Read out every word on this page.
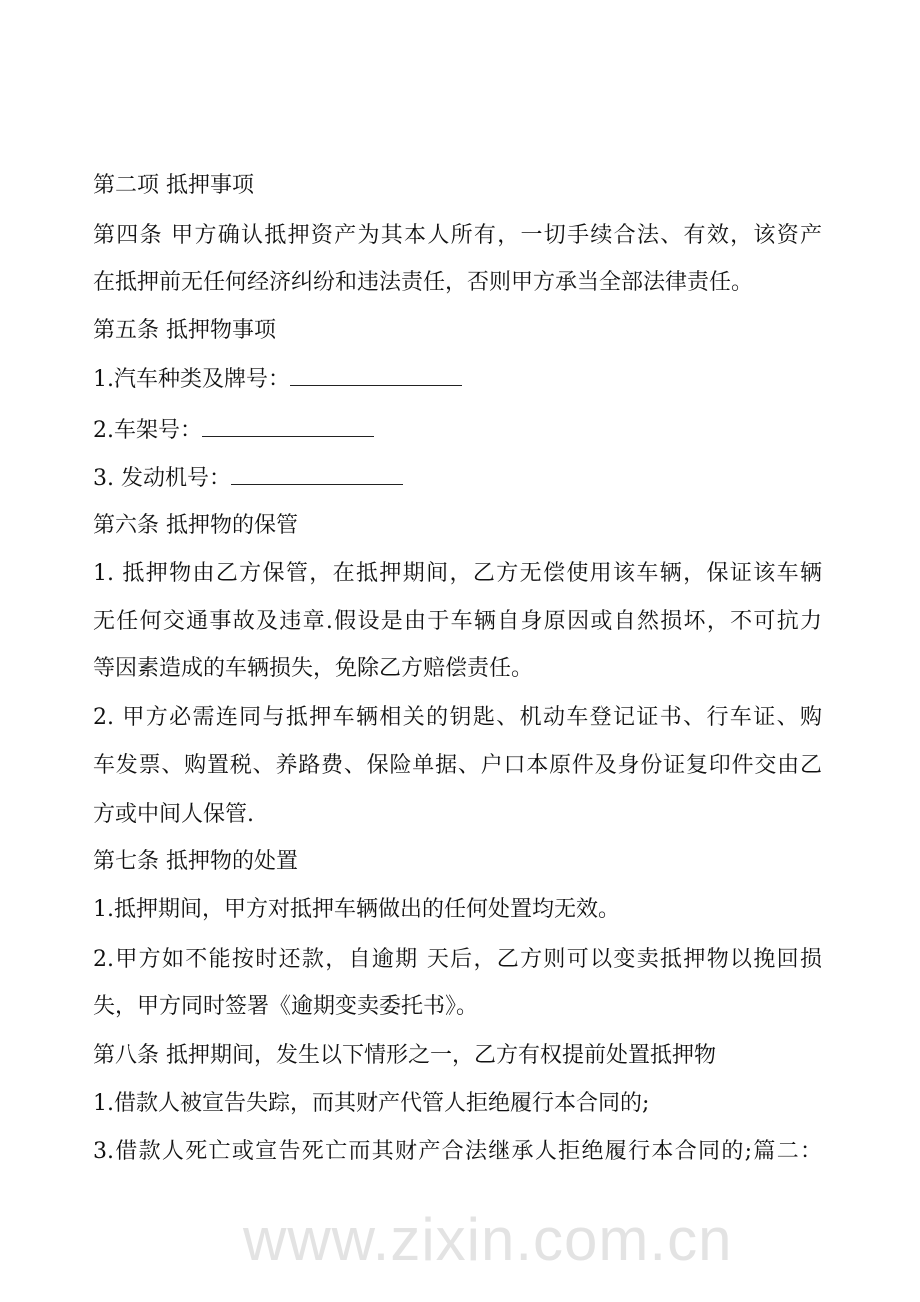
第二项 抵押事项
第四条 甲方确认抵押资产为其本人所有，一切手续合法、有效，该资产
在抵押前无任何经济纠纷和违法责任，否则甲方承当全部法律责任。
第五条 抵押物事项
1.汽车种类及牌号：
2.车架号：
3. 发动机号：
第六条 抵押物的保管
1. 抵押物由乙方保管，在抵押期间，乙方无偿使用该车辆，保证该车辆
无任何交通事故及违章.假设是由于车辆自身原因或自然损坏，不可抗力
等因素造成的车辆损失，免除乙方赔偿责任。
2. 甲方必需连同与抵押车辆相关的钥匙、机动车登记证书、行车证、购
车发票、购置税、养路费、保险单据、户口本原件及身份证复印件交由乙
方或中间人保管.
第七条 抵押物的处置
1.抵押期间，甲方对抵押车辆做出的任何处置均无效。
2.甲方如不能按时还款，自逾期 天后，乙方则可以变卖抵押物以挽回损
失，甲方同时签署《逾期变卖委托书》。
第八条 抵押期间，发生以下情形之一，乙方有权提前处置抵押物
1.借款人被宣告失踪，而其财产代管人拒绝履行本合同的;
3.借款人死亡或宣告死亡而其财产合法继承人拒绝履行本合同的;篇二：
www.zixin.com.cn
